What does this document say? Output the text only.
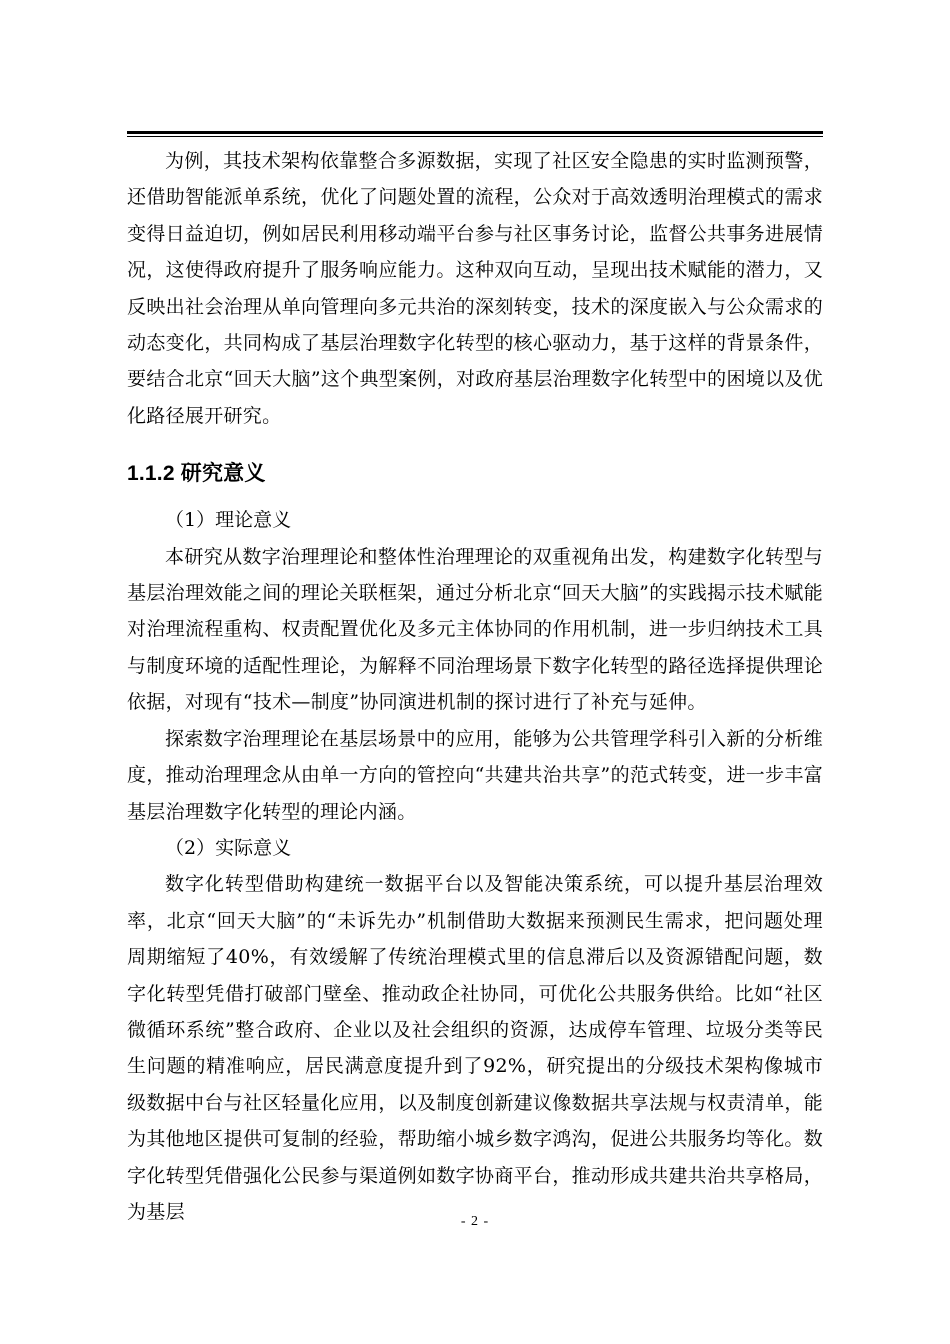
为例，其技术架构依靠整合多源数据，实现了社区安全隐患的实时监测预警，还借助智能派单系统，优化了问题处置的流程，公众对于高效透明治理模式的需求变得日益迫切，例如居民利用移动端平台参与社区事务讨论，监督公共事务进展情况，这使得政府提升了服务响应能力。这种双向互动，呈现出技术赋能的潜力，又反映出社会治理从单向管理向多元共治的深刻转变，技术的深度嵌入与公众需求的动态变化，共同构成了基层治理数字化转型的核心驱动力，基于这样的背景条件，要结合北京“回天大脑”这个典型案例，对政府基层治理数字化转型中的困境以及优化路径展开研究。

1.1.2 研究意义

（1）理论意义

本研究从数字治理理论和整体性治理理论的双重视角出发，构建数字化转型与基层治理效能之间的理论关联框架，通过分析北京“回天大脑”的实践揭示技术赋能对治理流程重构、权责配置优化及多元主体协同的作用机制，进一步归纳技术工具与制度环境的适配性理论，为解释不同治理场景下数字化转型的路径选择提供理论依据，对现有“技术—制度”协同演进机制的探讨进行了补充与延伸。

探索数字治理理论在基层场景中的应用，能够为公共管理学科引入新的分析维度，推动治理理念从由单一方向的管控向“共建共治共享”的范式转变，进一步丰富基层治理数字化转型的理论内涵。

（2）实际意义

数字化转型借助构建统一数据平台以及智能决策系统，可以提升基层治理效率，北京“回天大脑”的“未诉先办”机制借助大数据来预测民生需求，把问题处理周期缩短了40%，有效缓解了传统治理模式里的信息滞后以及资源错配问题，数字化转型凭借打破部门壁垒、推动政企社协同，可优化公共服务供给。比如“社区微循环系统”整合政府、企业以及社会组织的资源，达成停车管理、垃圾分类等民生问题的精准响应，居民满意度提升到了92%，研究提出的分级技术架构像城市级数据中台与社区轻量化应用，以及制度创新建议像数据共享法规与权责清单，能为其他地区提供可复制的经验，帮助缩小城乡数字鸿沟，促进公共服务均等化。数字化转型凭借强化公民参与渠道例如数字协商平台，推动形成共建共治共享格局，为基层	- 2 -
